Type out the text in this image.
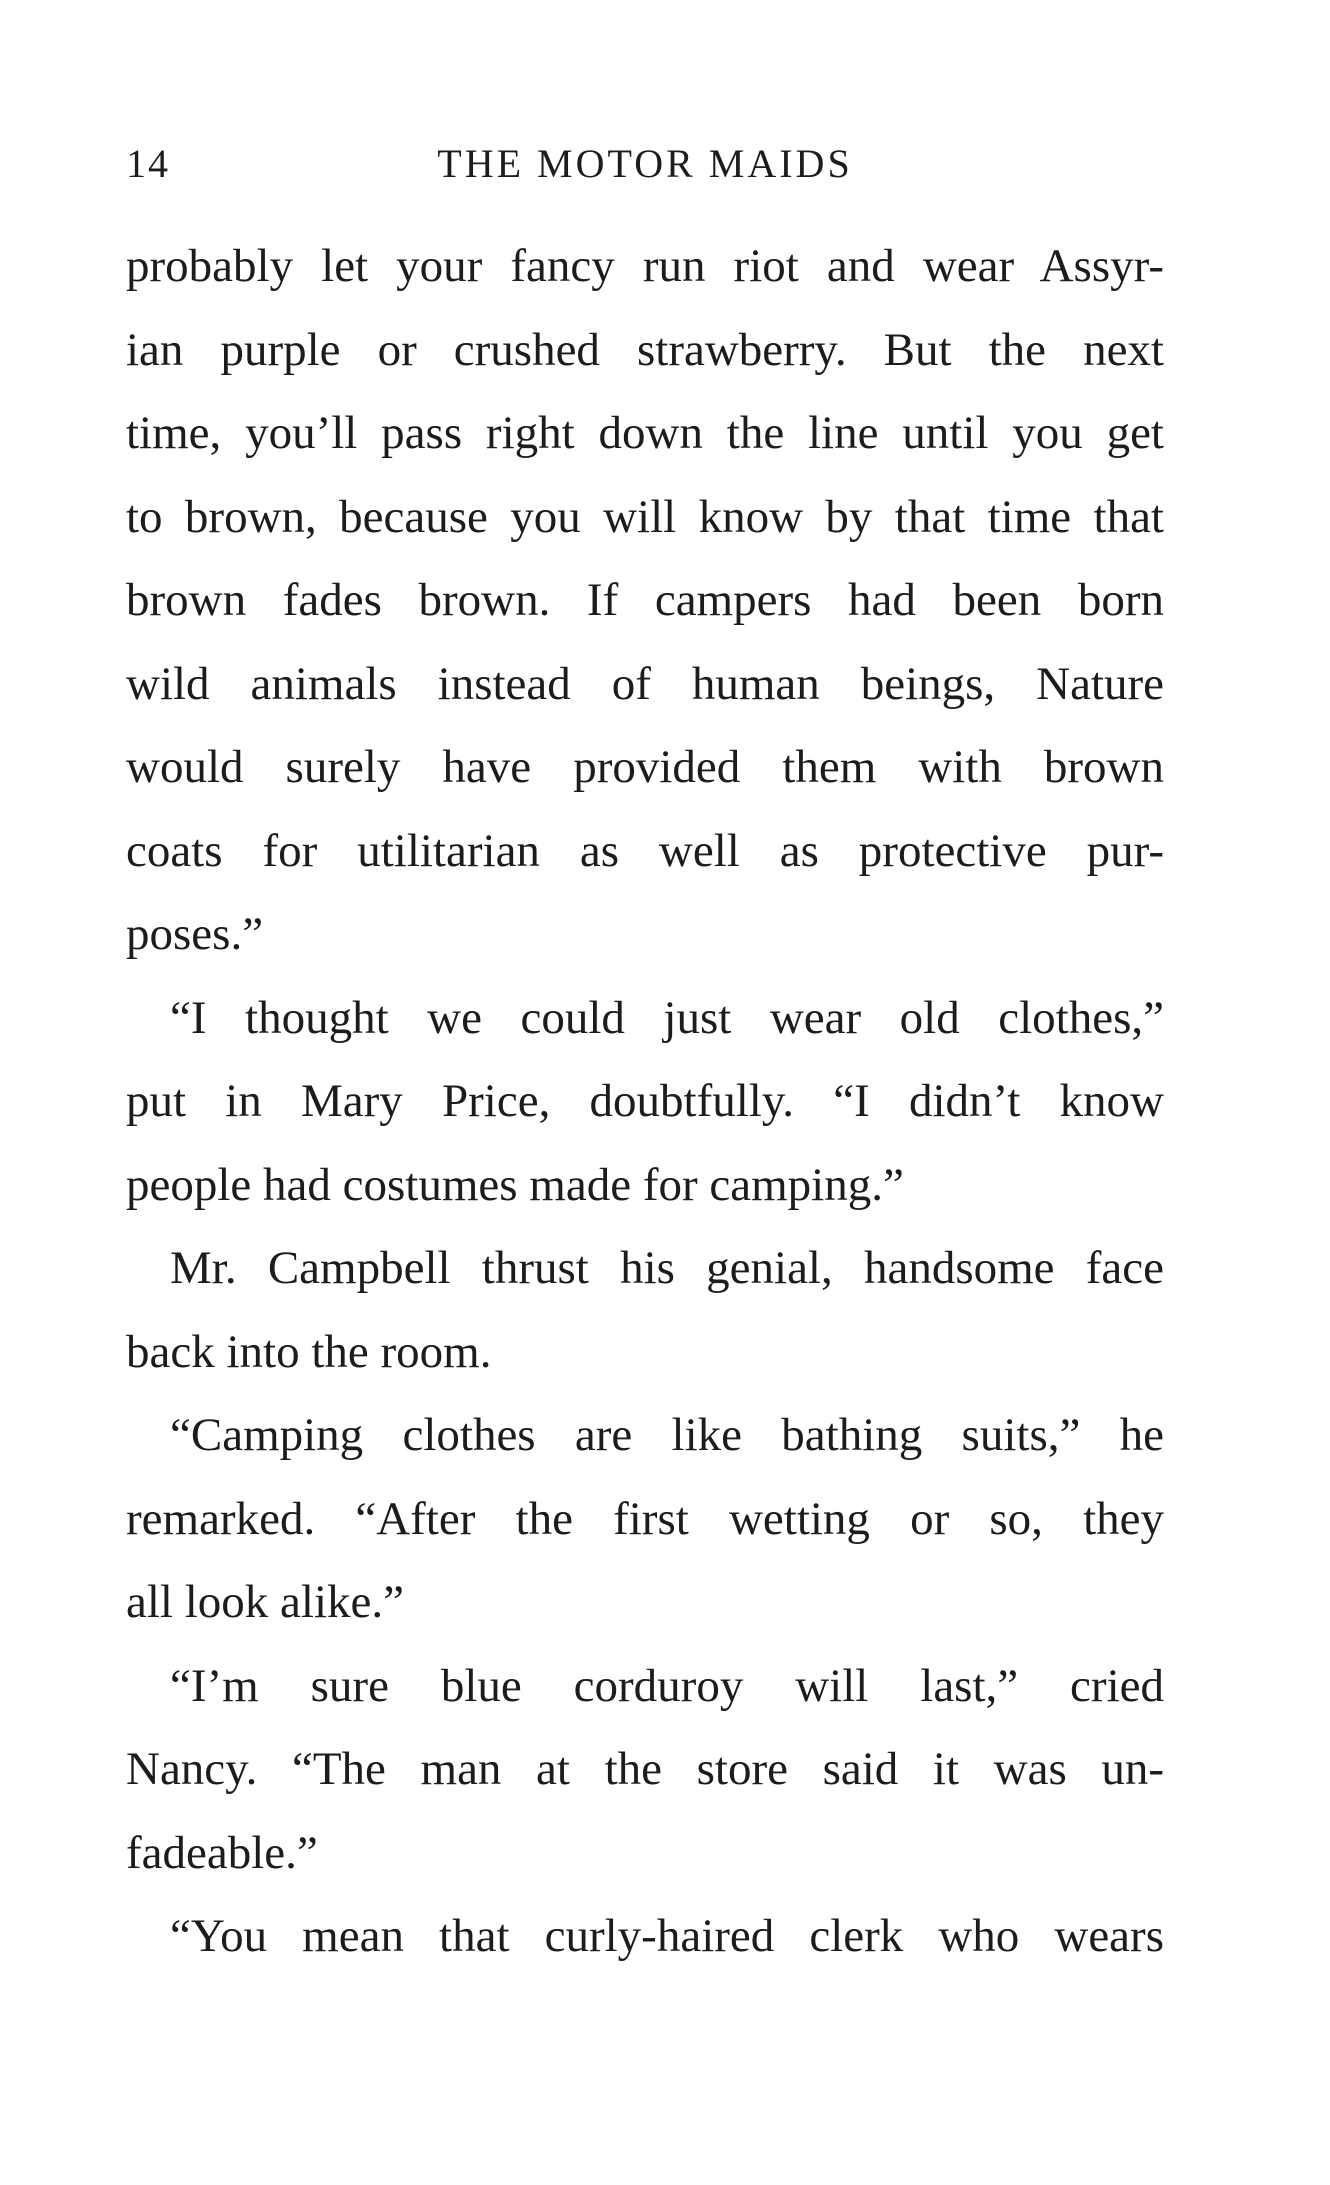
14	THE MOTOR MAIDS
probably let your fancy run riot and wear Assyr-
ian purple or crushed strawberry. But the next
time, you’ll pass right down the line until you get
to brown, because you will know by that time that
brown fades brown. If campers had been born
wild animals instead of human beings, Nature
would surely have provided them with brown
coats for utilitarian as well as protective pur-
poses.”
“I thought we could just wear old clothes,”
put in Mary Price, doubtfully. “I didn’t know
people had costumes made for camping.”
Mr. Campbell thrust his genial, handsome face
back into the room.
“Camping clothes are like bathing suits,” he
remarked. “After the first wetting or so, they
all look alike.”
“I’m sure blue corduroy will last,” cried
Nancy. “The man at the store said it was un-
fadeable.”
“You mean that curly-haired clerk who wears
